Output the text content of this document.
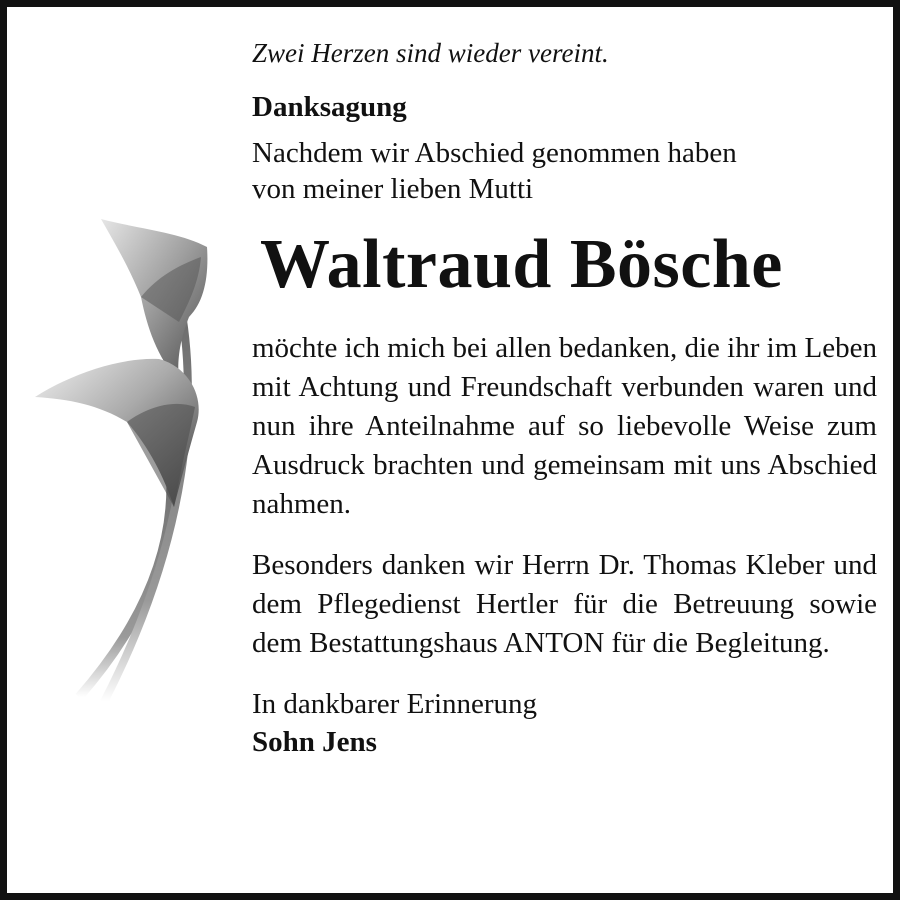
Zwei Herzen sind wieder vereint.

Danksagung

Nachdem wir Abschied genommen haben
von meiner lieben Mutti

Waltraud Bösche

möchte ich mich bei allen bedanken, die ihr im Leben mit Achtung und Freundschaft verbunden waren und nun ihre Anteilnahme auf so liebevolle Weise zum Ausdruck brachten und gemeinsam mit uns Abschied nahmen.

Besonders danken wir Herrn Dr. Thomas Kleber und dem Pflegedienst Hertler für die Betreuung sowie dem Bestattungshaus ANTON für die Begleitung.

In dankbarer Erinnerung

Sohn Jens
